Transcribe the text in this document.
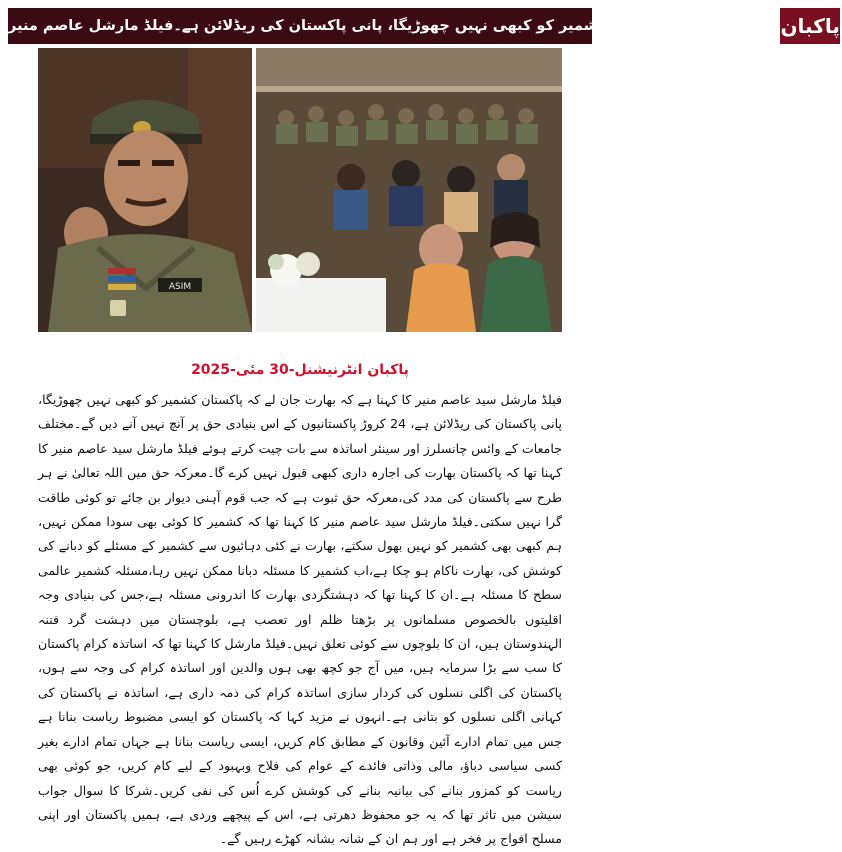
بھارت جان لے پاکستان کشمیر کو کبھی نہیں چھوڑیگا، پانی پاکستان کی ریڈلائن ہے۔فیلڈ مارشل عاصم منیر پاکبان
ASIM
پاکبان انٹرنیشنل-30 مئی-2025
فیلڈ مارشل سید عاصم منیر کا کہنا ہے کہ بھارت جان لے کہ پاکستان کشمیر کو کبھی نہیں چھوڑیگا، پانی پاکستان کی ریڈلائن ہے، 24 کروڑ پاکستانیوں کے اس بنیادی حق پر آنچ نہیں آنے دیں گے۔مختلف جامعات کے وائس چانسلرز اور سینئر اساتذہ سے بات چیت کرتے ہوئے فیلڈ مارشل سید عاصم منیر کا کہنا تھا کہ پاکستان بھارت کی اجارہ داری کبھی قبول نہیں کرے گا۔معرکہ حق میں اللہ تعالیٰ نے ہر طرح سے پاکستان کی مدد کی،معرکہ حق ثبوت ہے کہ جب قوم آہنی دیوار بن جائے تو کوئی طاقت گرا نہیں سکتی۔فیلڈ مارشل سید عاصم منیر کا کہنا تھا کہ کشمیر کا کوئی بھی سودا ممکن نہیں، ہم کبھی بھی کشمیر کو نہیں بھول سکتے، بھارت نے کئی دہائیوں سے کشمیر کے مسئلے کو دبانے کی کوشش کی، بھارت ناکام ہو چکا ہے،اب کشمیر کا مسئلہ دبانا ممکن نہیں رہا،مسئلہ کشمیر عالمی سطح کا مسئلہ ہے۔ان کا کہنا تھا کہ دہشتگردی بھارت کا اندرونی مسئلہ ہے،جس کی بنیادی وجہ اقلیتوں بالخصوص مسلمانوں پر بڑھتا ظلم اور تعصب ہے، بلوچستان میں دہشت گرد فتنہ الہندوستان ہیں، ان کا بلوچوں سے کوئی تعلق نہیں۔فیلڈ مارشل کا کہنا تھا کہ اساتذہ کرام پاکستان کا سب سے بڑا سرمایہ ہیں، میں آج جو کچھ بھی ہوں والدین اور اساتذہ کرام کی وجہ سے ہوں، پاکستان کی اگلی نسلوں کی کردار سازی اساتذہ کرام کی ذمہ داری ہے، اساتذہ نے پاکستان کی کہانی اگلی نسلوں کو بتانی ہے۔انہوں نے مزید کہا کہ پاکستان کو ایسی مضبوط ریاست بنانا ہے جس میں تمام ادارے آئین وقانون کے مطابق کام کریں، ایسی ریاست بنانا ہے جہاں تمام ادارے بغیر کسی سیاسی دباؤ، مالی وذاتی فائدے کے عوام کی فلاح وبہبود کے لیے کام کریں، جو کوئی بھی ریاست کو کمزور بنانے کی بیانیہ بنانے کی کوشش کرے اُس کی نفی کریں۔شرکا کا سوال جواب سیشن میں تاثر تھا کہ یہ جو محفوظ دھرتی ہے، اس کے پیچھے وردی ہے، ہمیں پاکستان اور اپنی مسلح افواج پر فخر ہے اور ہم ان کے شانہ بشانہ کھڑے رہیں گے۔
